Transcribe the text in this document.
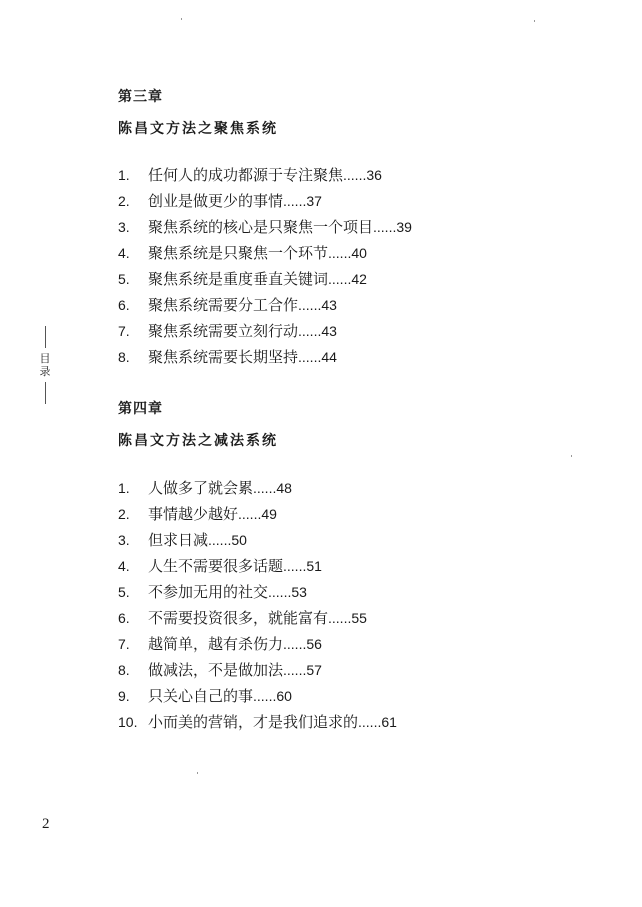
第三章

陈昌文方法之聚焦系统

1.	任何人的成功都源于专注聚焦 ......36
2.	创业是做更少的事情 ......37
3.	聚焦系统的核心是只聚焦一个项目 ......39
4.	聚焦系统是只聚焦一个环节 ......40
5.	聚焦系统是重度垂直关键词 ......42
6.	聚焦系统需要分工合作 ......43
7.	聚焦系统需要立刻行动 ......43
8.	聚焦系统需要长期坚持 ......44

第四章

陈昌文方法之减法系统

1.	人做多了就会累 ......48
2.	事情越少越好 ......49
3.	但求日减 ......50
4.	人生不需要很多话题 ......51
5.	不参加无用的社交 ......53
6.	不需要投资很多，就能富有 ......55
7.	越简单，越有杀伤力 ......56
8.	做减法，不是做加法 ......57
9.	只关心自己的事 ......60
10. 小而美的营销，才是我们追求的 ......61
目录
2
